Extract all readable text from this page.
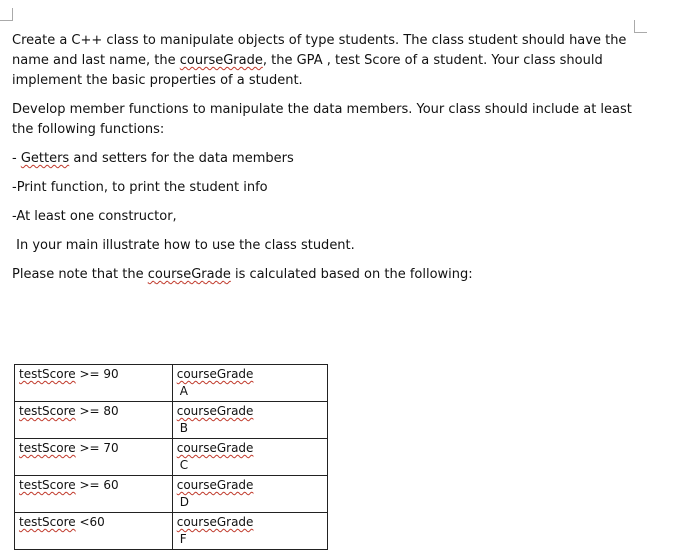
Create a C++ class to manipulate objects of type students. The class student should have the name and last name, the courseGrade, the GPA , test Score of a student. Your class should implement the basic properties of a student.

Develop member functions to manipulate the data members. Your class should include at least the following functions:

- Getters and setters for the data members

-Print function, to print the student info

-At least one constructor,

In your main illustrate how to use the class student.

Please note that the courseGrade is calculated based on the following:

testScore >= 90	courseGrade
A

testScore >= 80	courseGrade
B

testScore >= 70	courseGrade
C

testScore >= 60	courseGrade
D

testScore <60	courseGrade
F
